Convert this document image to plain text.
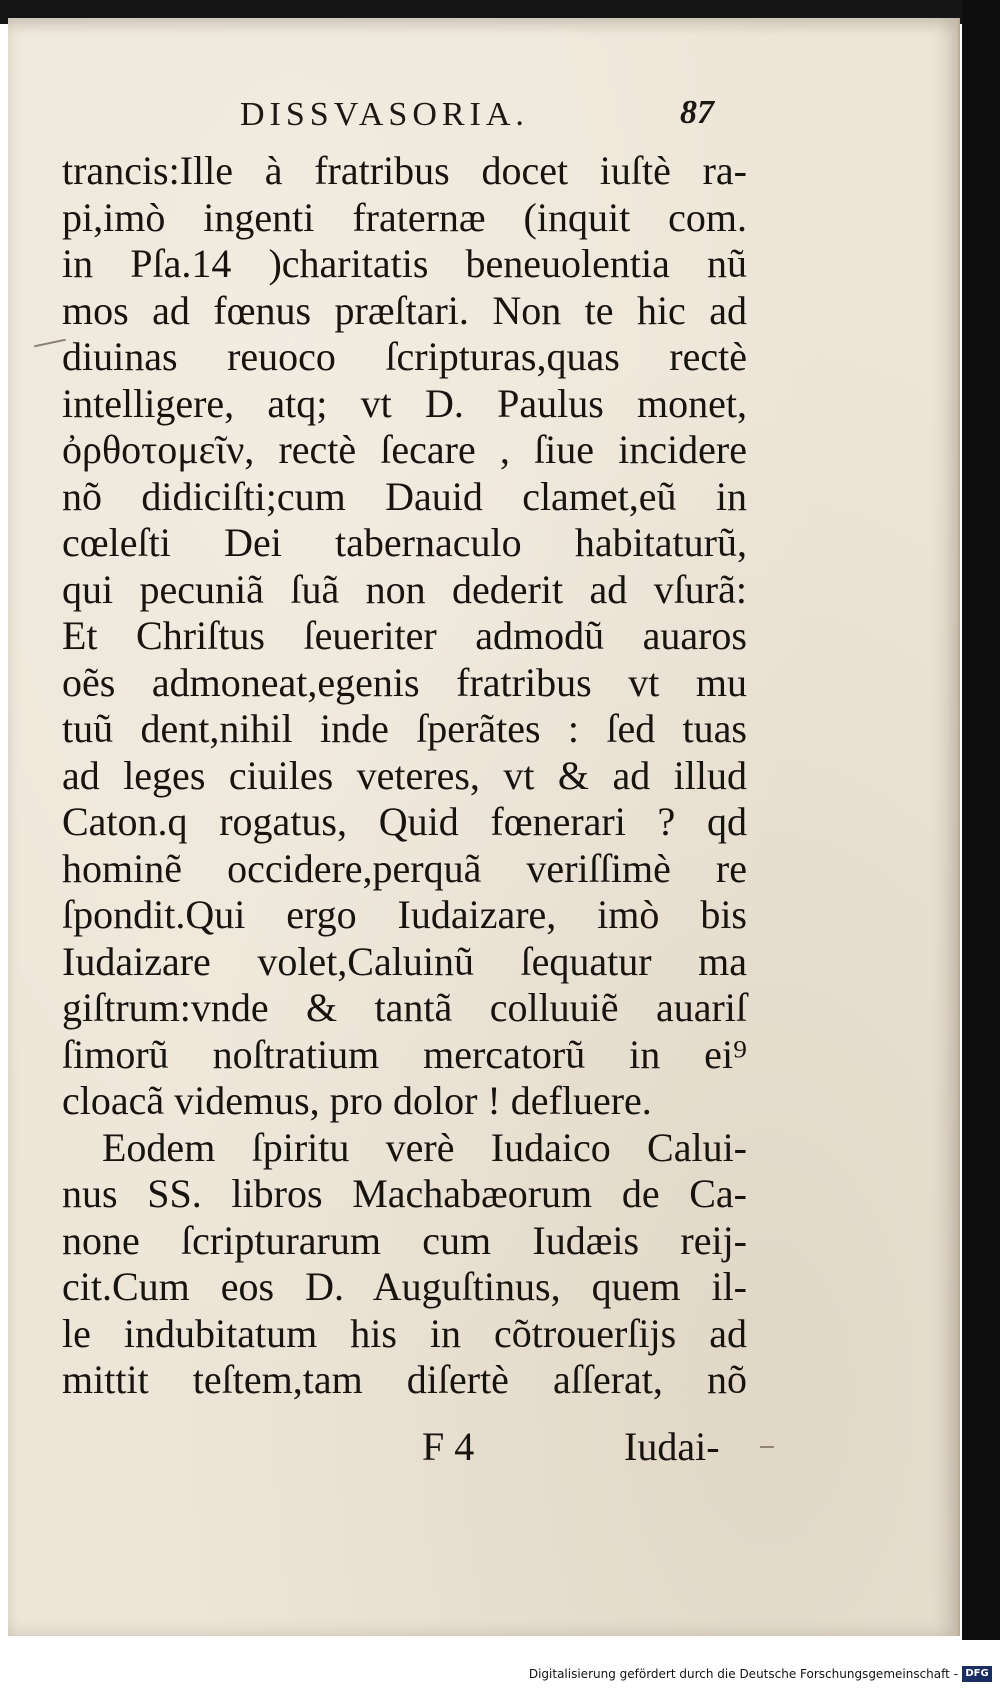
DISSVASORIA.	87
trancis:Ille à fratribus docet iuſtè ra-
pi,imò ingenti fraternæ (inquit com.
in Pſa.14 )charitatis beneuolentia nũ
mos ad fœnus præſtari. Non te hic ad
diuinas reuoco ſcripturas,quas rectè
intelligere, atq; vt D. Paulus monet,
ὀρθοτομεῖν, rectè ſecare , ſiue incidere
nõ didiciſti;cum Dauid clamet,eũ in
cœleſti Dei tabernaculo habitaturũ,
qui pecuniã ſuã non dederit ad vſurã:
Et Chriſtus ſeueriter admodũ auaros
oẽs admoneat,egenis fratribus vt mu
tuũ dent,nihil inde ſperãtes : ſed tuas
ad leges ciuiles veteres, vt & ad illud
Caton.q rogatus, Quid fœnerari ? qd
hominẽ occidere,perquã veriſſimè re
ſpondit.Qui ergo Iudaizare, imò bis
Iudaizare volet,Caluinũ ſequatur ma
giſtrum:vnde & tantã colluuiẽ auariſ
ſimorũ noſtratium mercatorũ in ei⁹
cloacã videmus, pro dolor ! defluere.
Eodem ſpiritu verè Iudaico Calui-
nus SS. libros Machabæorum de Ca-
none ſcripturarum cum Iudæis reij-
cit.Cum eos D. Auguſtinus, quem il-
le indubitatum his in cõtrouerſijs ad
mittit teſtem,tam diſertè aſſerat, nõ
F 4	Iudai-
Digitalisierung gefördert durch die Deutsche Forschungsgemeinschaft - DFG
